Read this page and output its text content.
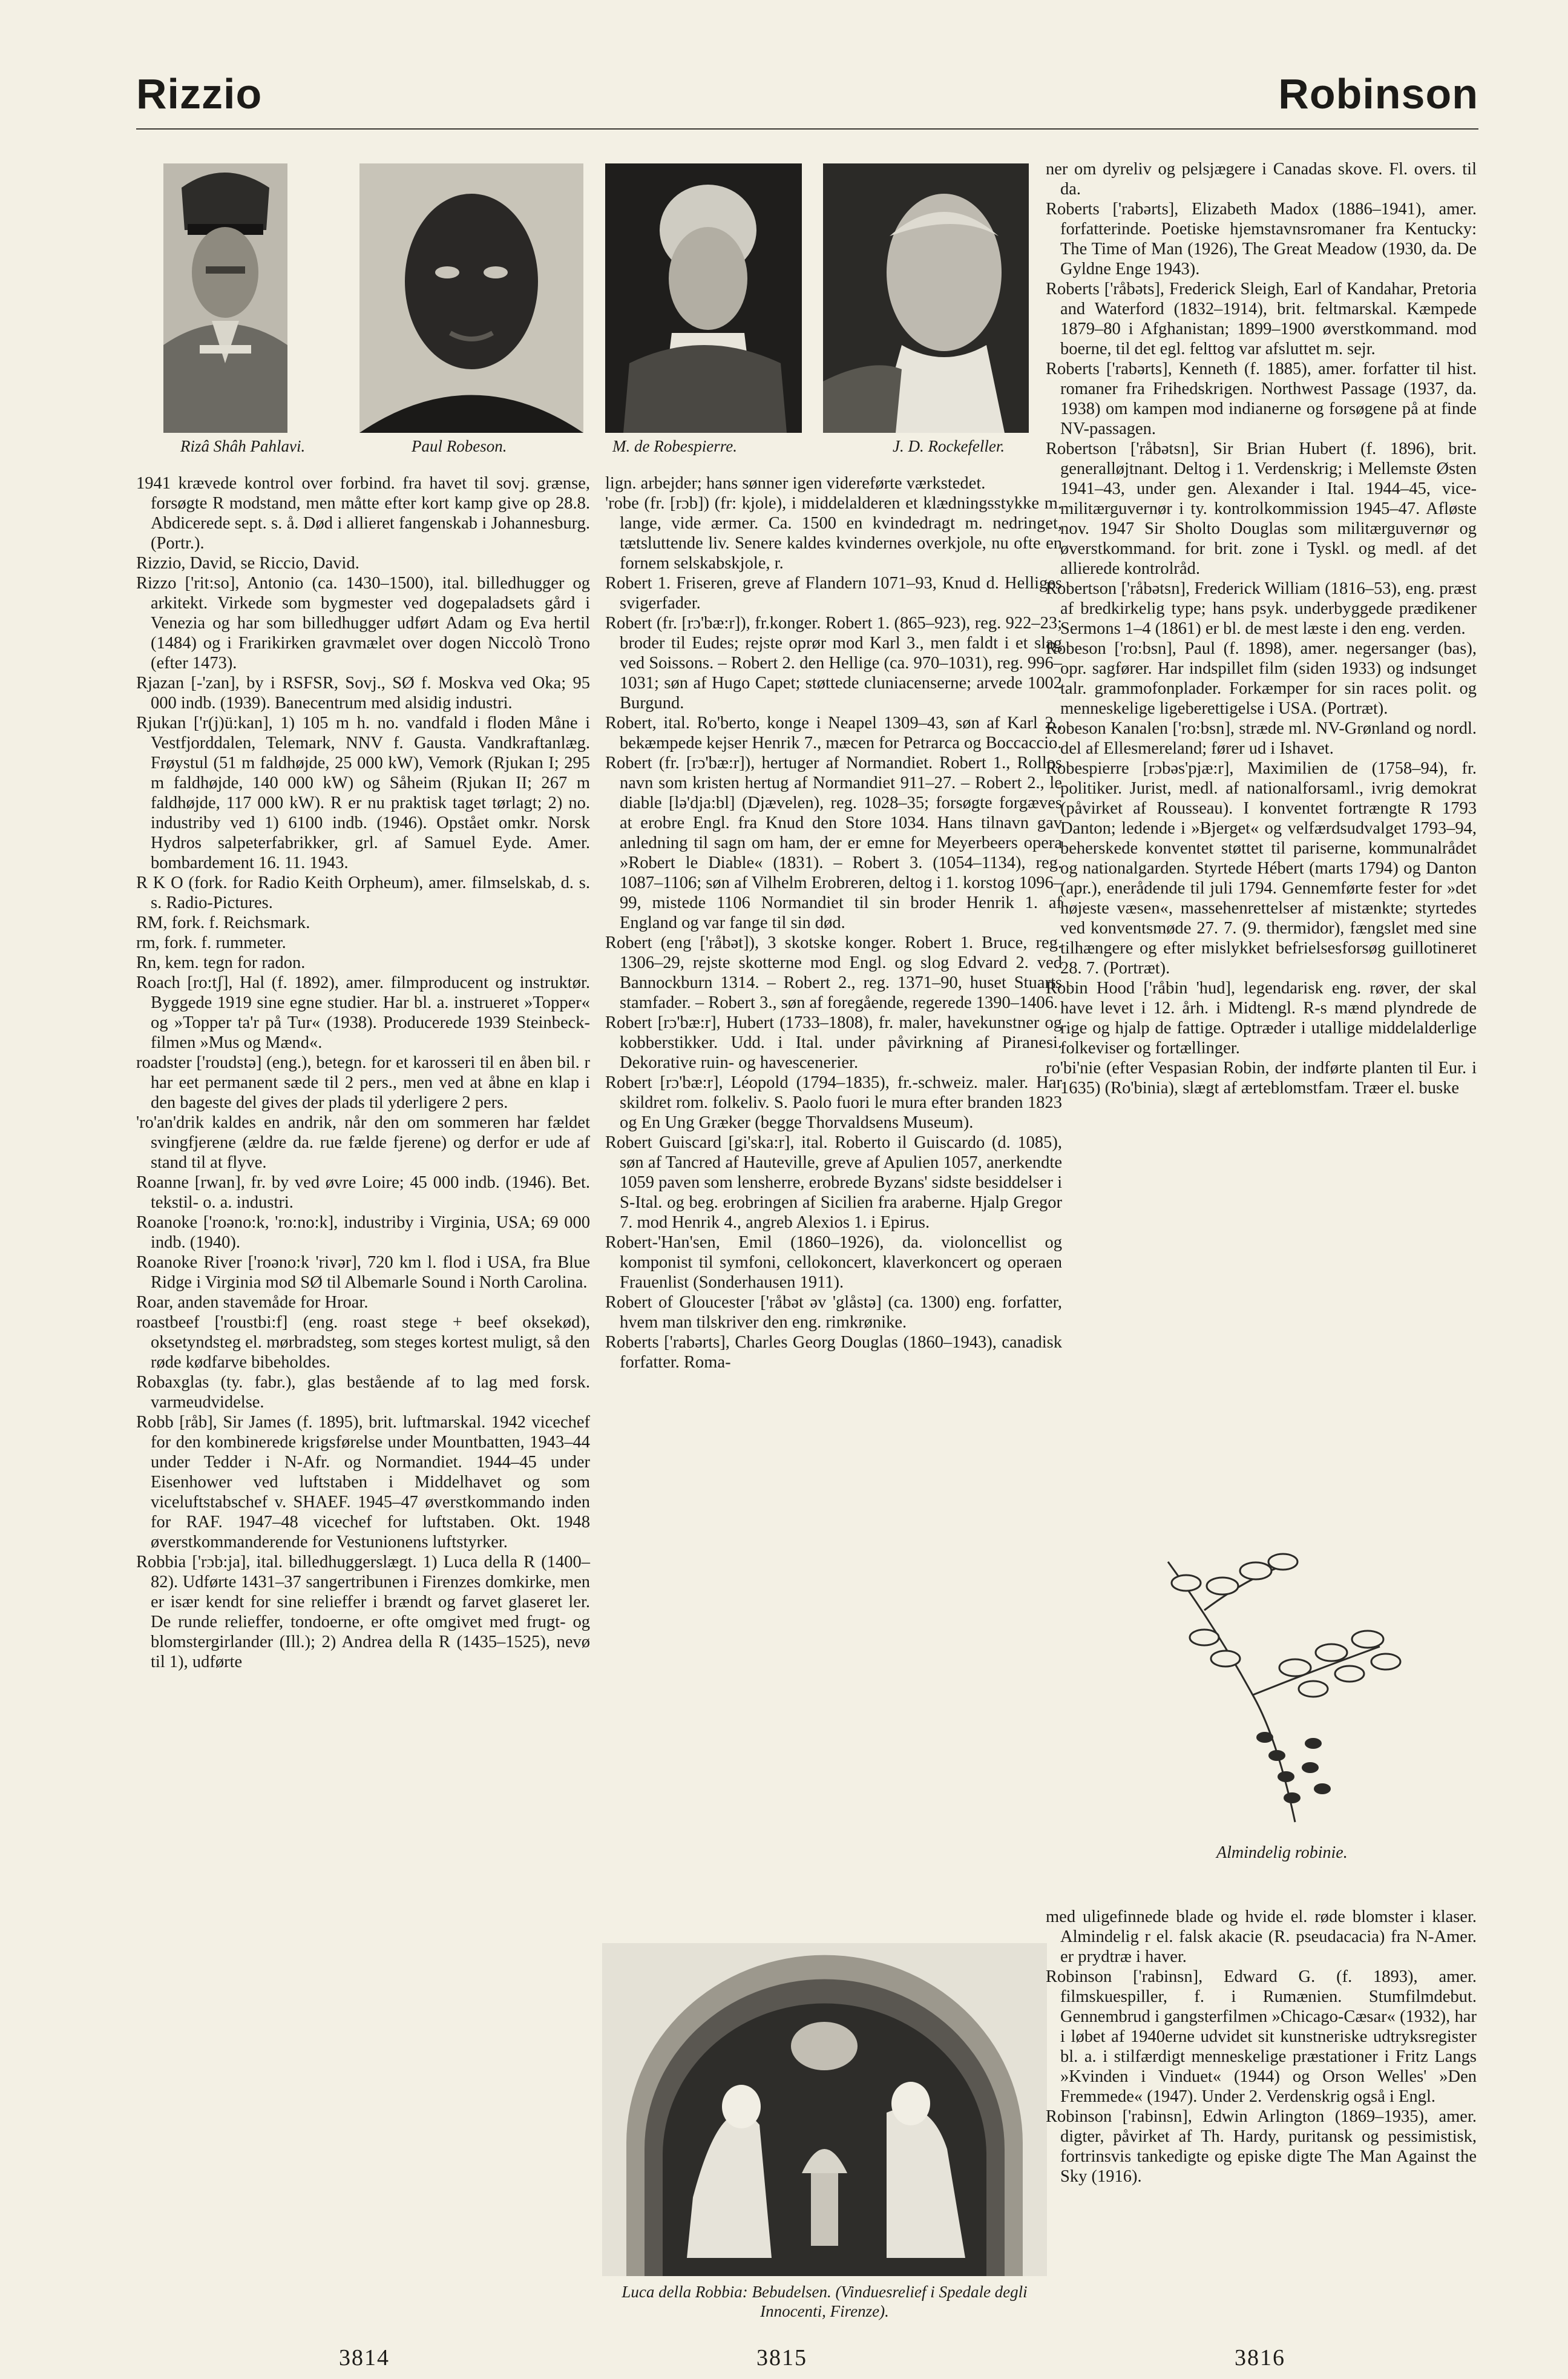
Rizzio	Robinson
Rizâ Shâh Pahlavi.	Paul Robeson.	M. de Robespierre.	J. D. Rockefeller.

1941 krævede kontrol over forbind. fra havet til sovj. grænse, forsøgte R modstand, men måtte efter kort kamp give op 28.8. Abdicerede sept. s. å. Død i allieret fangenskab i Johannesburg. (Portr.).

Rizzio, David, se Riccio, David.

Rizzo ['rit:so], Antonio (ca. 1430–1500), ital. billedhugger og arkitekt. Virkede som bygmester ved dogepaladsets gård i Venezia og har som billedhugger udført Adam og Eva hertil (1484) og i Frarikirken gravmælet over dogen Niccolò Trono (efter 1473).

Rjazan [-'zan], by i RSFSR, Sovj., SØ f. Moskva ved Oka; 95 000 indb. (1939). Banecentrum med alsidig industri.

Rjukan ['r(j)ü:kan], 1) 105 m h. no. vandfald i floden Måne i Vestfjorddalen, Telemark, NNV f. Gausta. Vandkraftanlæg. Frøystul (51 m faldhøjde, 25 000 kW), Vemork (Rjukan I; 295 m faldhøjde, 140 000 kW) og Såheim (Rjukan II; 267 m faldhøjde, 117 000 kW). R er nu praktisk taget tørlagt; 2) no. industriby ved 1) 6100 indb. (1946). Opstået omkr. Norsk Hydros salpeterfabrikker, grl. af Samuel Eyde. Amer. bombardement 16. 11. 1943.

R K O (fork. for Radio Keith Orpheum), amer. filmselskab, d. s. s. Radio-Pictures.

RM, fork. f. Reichsmark.

rm, fork. f. rummeter.

Rn, kem. tegn for radon.

Roach [ro:tʃ], Hal (f. 1892), amer. filmproducent og instruktør. Byggede 1919 sine egne studier. Har bl. a. instrueret »Topper« og »Topper ta'r på Tur« (1938). Producerede 1939 Steinbeck-filmen »Mus og Mænd«.

roadster ['roudstə] (eng.), betegn. for et karosseri til en åben bil. r har eet permanent sæde til 2 pers., men ved at åbne en klap i den bageste del gives der plads til yderligere 2 pers.

'ro'an'drik kaldes en andrik, når den om sommeren har fældet svingfjerene (ældre da. rue fælde fjerene) og derfor er ude af stand til at flyve.

Roanne [rwan], fr. by ved øvre Loire; 45 000 indb. (1946). Bet. tekstil- o. a. industri.

Roanoke ['roəno:k, 'ro:no:k], industriby i Virginia, USA; 69 000 indb. (1940).

Roanoke River ['roəno:k 'rivər], 720 km l. flod i USA, fra Blue Ridge i Virginia mod SØ til Albemarle Sound i North Carolina.

Roar, anden stavemåde for Hroar.

roastbeef ['roustbi:f] (eng. roast stege + beef oksekød), oksetyndsteg el. mørbradsteg, som steges kortest muligt, så den røde kødfarve bibeholdes.

Robaxglas (ty. fabr.), glas bestående af to lag med forsk. varmeudvidelse.

Robb [råb], Sir James (f. 1895), brit. luftmarskal. 1942 vicechef for den kombinerede krigsførelse under Mountbatten, 1943–44 under Tedder i N-Afr. og Normandiet. 1944–45 under Eisenhower ved luftstaben i Middelhavet og som viceluftstabschef v. SHAEF. 1945–47 øverstkommando inden for RAF. 1947–48 vicechef for luftstaben. Okt. 1948 øverstkommanderende for Vestunionens luftstyrker.

Robbia ['rɔb:ja], ital. billedhuggerslægt. 1) Luca della R (1400–82). Udførte 1431–37 sangertribunen i Firenzes domkirke, men er især kendt for sine relieffer i brændt og farvet glaseret ler. De runde relieffer, tondoerne, er ofte omgivet med frugt- og blomstergirlander (Ill.); 2) Andrea della R (1435–1525), nevø til 1), udførte

lign. arbejder; hans sønner igen videreførte værkstedet.

'robe (fr. [rɔb]) (fr: kjole), i middelalderen et klædningsstykke m. lange, vide ærmer. Ca. 1500 en kvindedragt m. nedringet, tætsluttende liv. Senere kaldes kvindernes overkjole, nu ofte en fornem selskabskjole, r.

Robert 1. Friseren, greve af Flandern 1071–93, Knud d. Helliges svigerfader.

Robert (fr. [rɔ'bæ:r]), fr.konger. Robert 1. (865–923), reg. 922–23; broder til Eudes; rejste oprør mod Karl 3., men faldt i et slag ved Soissons. – Robert 2. den Hellige (ca. 970–1031), reg. 996–1031; søn af Hugo Capet; støttede cluniacenserne; arvede 1002 Burgund.

Robert, ital. Ro'berto, konge i Neapel 1309–43, søn af Karl 2., bekæmpede kejser Henrik 7., mæcen for Petrarca og Boccaccio.

Robert (fr. [rɔ'bæ:r]), hertuger af Normandiet. Robert 1., Rollos navn som kristen hertug af Normandiet 911–27. – Robert 2., le diable [lə'dja:bl] (Djævelen), reg. 1028–35; forsøgte forgæves at erobre Engl. fra Knud den Store 1034. Hans tilnavn gav anledning til sagn om ham, der er emne for Meyerbeers opera »Robert le Diable« (1831). – Robert 3. (1054–1134), reg. 1087–1106; søn af Vilhelm Erobreren, deltog i 1. korstog 1096–99, mistede 1106 Normandiet til sin broder Henrik 1. af England og var fange til sin død.

Robert (eng ['råbət]), 3 skotske konger. Robert 1. Bruce, reg. 1306–29, rejste skotterne mod Engl. og slog Edvard 2. ved Bannockburn 1314. – Robert 2., reg. 1371–90, huset Stuarts stamfader. – Robert 3., søn af foregående, regerede 1390–1406.

Robert [rɔ'bæ:r], Hubert (1733–1808), fr. maler, havekunstner og kobberstikker. Udd. i Ital. under påvirkning af Piranesi. Dekorative ruin- og havescenerier.

Robert [rɔ'bæ:r], Léopold (1794–1835), fr.-schweiz. maler. Har skildret rom. folkeliv. S. Paolo fuori le mura efter branden 1823 og En Ung Græker (begge Thorvaldsens Museum).

Robert Guiscard [gi'ska:r], ital. Roberto il Guiscardo (d. 1085), søn af Tancred af Hauteville, greve af Apulien 1057, anerkendte 1059 paven som lensherre, erobrede Byzans' sidste besiddelser i S-Ital. og beg. erobringen af Sicilien fra araberne. Hjalp Gregor 7. mod Henrik 4., angreb Alexios 1. i Epirus.

Robert-'Han'sen, Emil (1860–1926), da. violoncellist og komponist til symfoni, cellokoncert, klaverkoncert og operaen Frauenlist (Sonderhausen 1911).

Robert of Gloucester ['råbət əv 'glåstə] (ca. 1300) eng. forfatter, hvem man tilskriver den eng. rimkrønike.

Roberts ['rabərts], Charles Georg Douglas (1860–1943), canadisk forfatter. Roma-

Luca della Robbia: Bebudelsen. (Vinduesrelief i Spedale degli Innocenti, Firenze).

ner om dyreliv og pelsjægere i Canadas skove. Fl. overs. til da.

Roberts ['rabərts], Elizabeth Madox (1886–1941), amer. forfatterinde. Poetiske hjemstavnsromaner fra Kentucky: The Time of Man (1926), The Great Meadow (1930, da. De Gyldne Enge 1943).

Roberts ['råbəts], Frederick Sleigh, Earl of Kandahar, Pretoria and Waterford (1832–1914), brit. feltmarskal. Kæmpede 1879–80 i Afghanistan; 1899–1900 øverstkommand. mod boerne, til det egl. felttog var afsluttet m. sejr.

Roberts ['rabərts], Kenneth (f. 1885), amer. forfatter til hist. romaner fra Frihedskrigen. Northwest Passage (1937, da. 1938) om kampen mod indianerne og forsøgene på at finde NV-passagen.

Robertson ['råbətsn], Sir Brian Hubert (f. 1896), brit. generalløjtnant. Deltog i 1. Verdenskrig; i Mellemste Østen 1941–43, under gen. Alexander i Ital. 1944–45, vice-militærguvernør i ty. kontrolkommission 1945–47. Afløste nov. 1947 Sir Sholto Douglas som militærguvernør og øverstkommand. for brit. zone i Tyskl. og medl. af det allierede kontrolråd.

Robertson ['råbətsn], Frederick William (1816–53), eng. præst af bredkirkelig type; hans psyk. underbyggede prædikener Sermons 1–4 (1861) er bl. de mest læste i den eng. verden.

Robeson ['ro:bsn], Paul (f. 1898), amer. negersanger (bas), opr. sagfører. Har indspillet film (siden 1933) og indsunget talr. grammofonplader. Forkæmper for sin races polit. og menneskelige ligeberettigelse i USA. (Portræt).

Robeson Kanalen ['ro:bsn], stræde ml. NV-Grønland og nordl. del af Ellesmereland; fører ud i Ishavet.

Robespierre [rɔbəs'pjæ:r], Maximilien de (1758–94), fr. politiker. Jurist, medl. af nationalforsaml., ivrig demokrat (påvirket af Rousseau). I konventet fortrængte R 1793 Danton; ledende i »Bjerget« og velfærdsudvalget 1793–94, beherskede konventet støttet til pariserne, kommunalrådet og nationalgarden. Styrtede Hébert (marts 1794) og Danton (apr.), enerådende til juli 1794. Gennemførte fester for »det højeste væsen«, massehenrettelser af mistænkte; styrtedes ved konventsmøde 27. 7. (9. thermidor), fængslet med sine tilhængere og efter mislykket befrielsesforsøg guillotineret 28. 7. (Portræt).

Robin Hood ['råbin 'hud], legendarisk eng. røver, der skal have levet i 12. årh. i Midtengl. R-s mænd plyndrede de rige og hjalp de fattige. Optræder i utallige middelalderlige folkeviser og fortællinger.

ro'bi'nie (efter Vespasian Robin, der indførte planten til Eur. i 1635) (Ro'binia), slægt af ærteblomstfam. Træer el. buske

Almindelig robinie.

med uligefinnede blade og hvide el. røde blomster i klaser. Almindelig r el. falsk akacie (R. pseudacacia) fra N-Amer. er prydtræ i haver.

Robinson ['rabinsn], Edward G. (f. 1893), amer. filmskuespiller, f. i Rumænien. Stumfilmdebut. Gennembrud i gangsterfilmen »Chicago-Cæsar« (1932), har i løbet af 1940erne udvidet sit kunstneriske udtryksregister bl. a. i stilfærdigt menneskelige præstationer i Fritz Langs »Kvinden i Vinduet« (1944) og Orson Welles' »Den Fremmede« (1947). Under 2. Verdenskrig også i Engl.

Robinson ['rabinsn], Edwin Arlington (1869–1935), amer. digter, påvirket af Th. Hardy, puritansk og pessimistisk, fortrinsvis tankedigte og episke digte The Man Against the Sky (1916).

3814	3815	3816
